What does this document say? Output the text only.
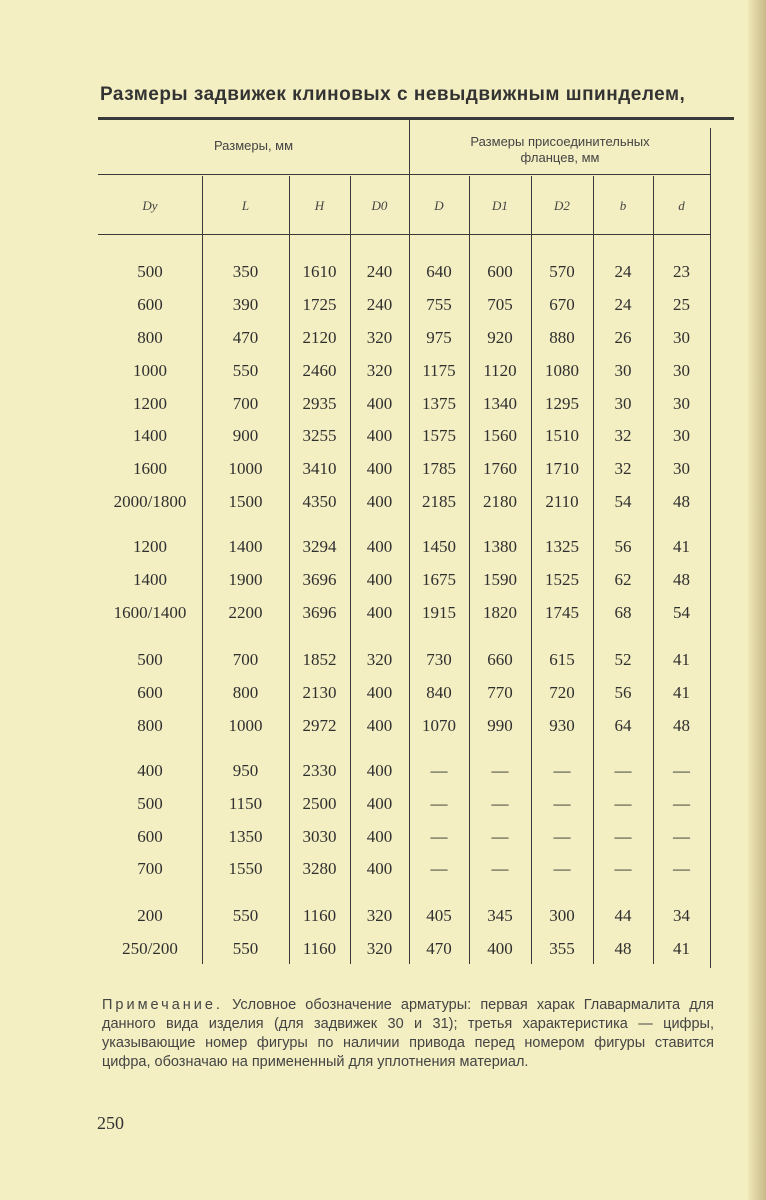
Размеры задвижек клиновых с невыдвижным шпинделем,
Размеры, мм	Размеры присоединительных
фланцев, мм
Dу	L	H	D0	D	D1	D2	b	d
500	350	1610	240	640	600	570	24	23
600	390	1725	240	755	705	670	24	25
800	470	2120	320	975	920	880	26	30
1000	550	2460	320	1175	1120	1080	30	30
1200	700	2935	400	1375	1340	1295	30	30
1400	900	3255	400	1575	1560	1510	32	30
1600	1000	3410	400	1785	1760	1710	32	30
2000/1800	1500	4350	400	2185	2180	2110	54	48
1200	1400	3294	400	1450	1380	1325	56	41
1400	1900	3696	400	1675	1590	1525	62	48
1600/1400	2200	3696	400	1915	1820	1745	68	54
500	700	1852	320	730	660	615	52	41
600	800	2130	400	840	770	720	56	41
800	1000	2972	400	1070	990	930	64	48
400	950	2330	400	—	—	—	—	—
500	1150	2500	400	—	—	—	—	—
600	1350	3030	400	—	—	—	—	—
700	1550	3280	400	—	—	—	—	—
200	550	1160	320	405	345	300	44	34
250/200	550	1160	320	470	400	355	48	41
Примечание. Условное обозначение арматуры: первая харак Главармалита для данного вида изделия (для задвижек 30 и 31); третья характеристика — цифры, указывающие номер фигуры по наличии привода перед номером фигуры ставится цифра, обозначаю на примененный для уплотнения материал.
250
